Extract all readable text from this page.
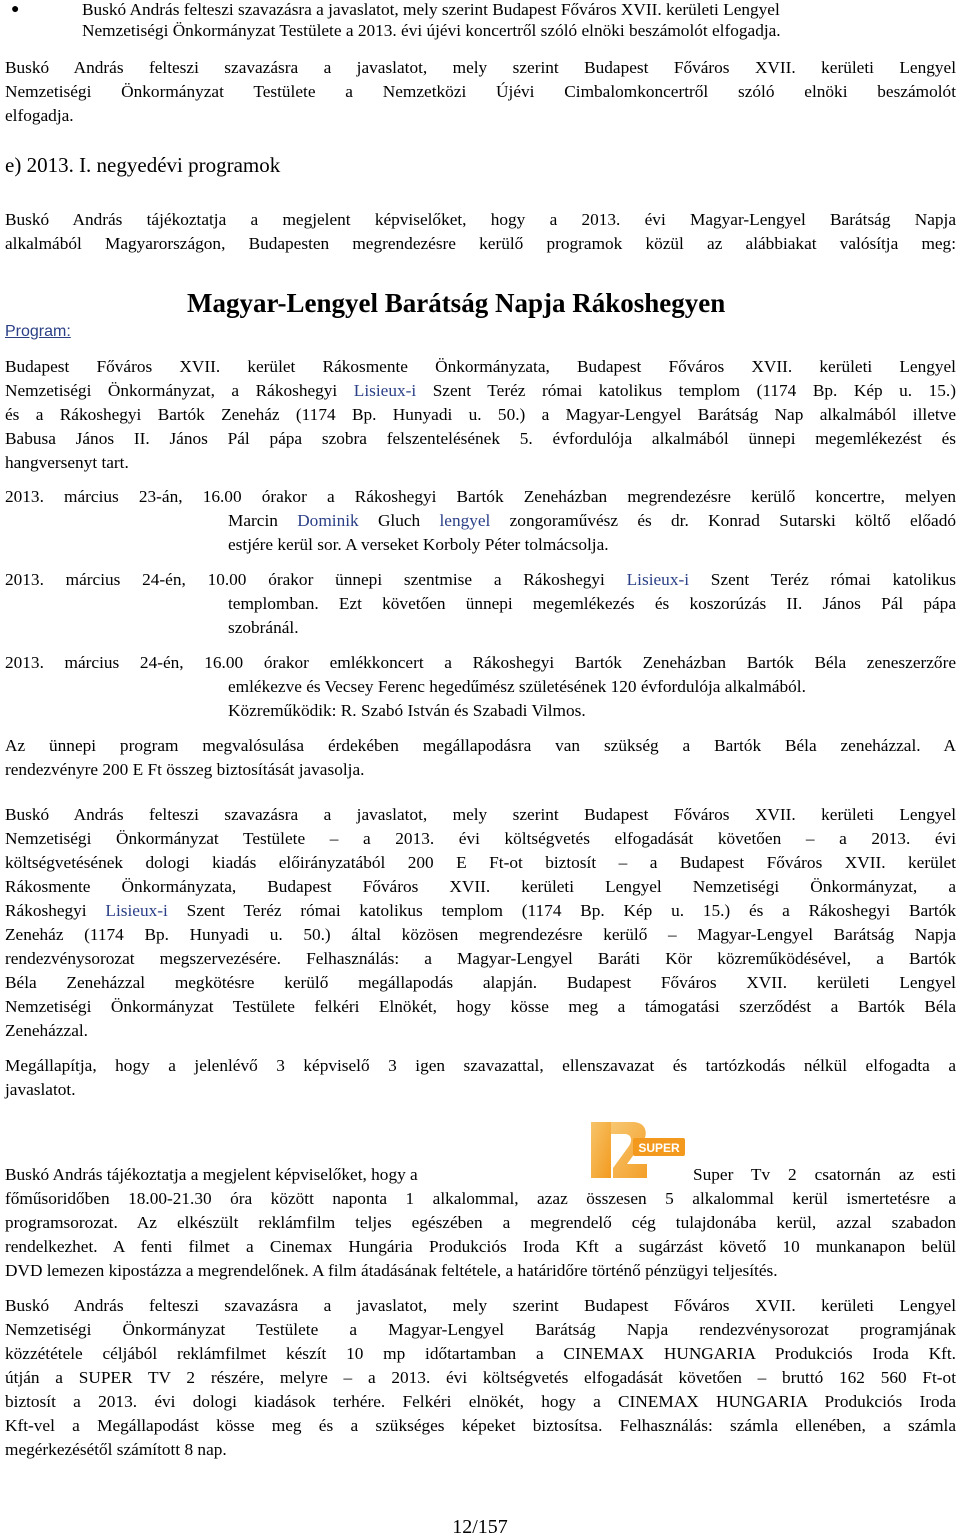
●	Buskó András felteszi szavazásra a javaslatot, mely szerint Budapest Főváros XVII. kerületi Lengyel
Nemzetiségi Önkormányzat Testülete a 2013. évi újévi koncertről szóló elnöki beszámolót elfogadja.
Buskó András felteszi szavazásra a javaslatot, mely szerint Budapest Főváros XVII. kerületi Lengyel
Nemzetiségi Önkormányzat Testülete a Nemzetközi Újévi Cimbalomkoncertről szóló elnöki beszámolót
elfogadja.
e) 2013. I. negyedévi programok
Buskó András tájékoztatja a megjelent képviselőket, hogy a 2013. évi Magyar-Lengyel Barátság Napja
alkalmából Magyarországon, Budapesten megrendezésre kerülő programok közül az alábbiakat valósítja meg:
Magyar-Lengyel Barátság Napja Rákoshegyen
Program:
Budapest Főváros XVII. kerület Rákosmente Önkormányzata, Budapest Főváros XVII. kerületi Lengyel
Nemzetiségi Önkormányzat, a Rákoshegyi Lisieux-i Szent Teréz római katolikus templom (1174 Bp. Kép u. 15.)
és a Rákoshegyi Bartók Zeneház (1174 Bp. Hunyadi u. 50.) a Magyar-Lengyel Barátság Nap alkalmából illetve
Babusa János II. János Pál pápa szobra felszentelésének 5. évfordulója alkalmából ünnepi megemlékezést és
hangversenyt tart.
2013. március 23-án, 16.00 órakor a Rákoshegyi Bartók Zeneházban megrendezésre kerülő koncertre, melyen
Marcin Dominik Gluch lengyel zongoraművész és dr. Konrad Sutarski költő előadó
estjére kerül sor. A verseket Korboly Péter tolmácsolja.
2013. március 24-én, 10.00 órakor ünnepi szentmise a Rákoshegyi Lisieux-i Szent Teréz római katolikus
templomban. Ezt követően ünnepi megemlékezés és koszorúzás II. János Pál pápa
szobránál.
2013. március 24-én, 16.00 órakor emlékkoncert a Rákoshegyi Bartók Zeneházban Bartók Béla zeneszerzőre
emlékezve és Vecsey Ferenc hegedűmész születésének 120 évfordulója alkalmából.
Közreműködik: R. Szabó István és Szabadi Vilmos.
Az ünnepi program megvalósulása érdekében megállapodásra van szükség a Bartók Béla zeneházzal. A
rendezvényre 200 E Ft összeg biztosítását javasolja.
Buskó András felteszi szavazásra a javaslatot, mely szerint Budapest Főváros XVII. kerületi Lengyel
Nemzetiségi Önkormányzat Testülete – a 2013. évi költségvetés elfogadását követően – a 2013. évi
költségvetésének dologi kiadás előirányzatából 200 E Ft-ot biztosít – a Budapest Főváros XVII. kerület
Rákosmente Önkormányzata, Budapest Főváros XVII. kerületi Lengyel Nemzetiségi Önkormányzat, a
Rákoshegyi Lisieux-i Szent Teréz római katolikus templom (1174 Bp. Kép u. 15.) és a Rákoshegyi Bartók
Zeneház (1174 Bp. Hunyadi u. 50.) által közösen megrendezésre kerülő – Magyar-Lengyel Barátság Napja
rendezvénysorozat megszervezésére. Felhasználás: a Magyar-Lengyel Baráti Kör közreműködésével, a Bartók
Béla Zeneházzal megkötésre kerülő megállapodás alapján. Budapest Főváros XVII. kerületi Lengyel
Nemzetiségi Önkormányzat Testülete felkéri Elnökét, hogy kösse meg a támogatási szerződést a Bartók Béla
Zeneházzal.
Megállapítja, hogy a jelenlévő 3 képviselő 3 igen szavazattal, ellenszavazat és tartózkodás nélkül elfogadta a
javaslatot.
SUPER
Buskó András tájékoztatja a megjelent képviselőket, hogy a	Super Tv 2 csatornán az esti
főműsoridőben 18.00-21.30 óra között naponta 1 alkalommal, azaz összesen 5 alkalommal kerül ismertetésre a
programsorozat. Az elkészült reklámfilm teljes egészében a megrendelő cég tulajdonába kerül, azzal szabadon
rendelkezhet. A fenti filmet a Cinemax Hungária Produkciós Iroda Kft a sugárzást követő 10 munkanapon belül
DVD lemezen kipostázza a megrendelőnek. A film átadásának feltétele, a határidőre történő pénzügyi teljesítés.
Buskó András felteszi szavazásra a javaslatot, mely szerint Budapest Főváros XVII. kerületi Lengyel
Nemzetiségi Önkormányzat Testülete a Magyar-Lengyel Barátság Napja rendezvénysorozat programjának
közzététele céljából reklámfilmet készít 10 mp időtartamban a CINEMAX HUNGARIA Produkciós Iroda Kft.
útján a SUPER TV 2 részére, melyre – a 2013. évi költségvetés elfogadását követően – bruttó 162 560 Ft-ot
biztosít a 2013. évi dologi kiadások terhére. Felkéri elnökét, hogy a CINEMAX HUNGARIA Produkciós Iroda
Kft-vel a Megállapodást kösse meg és a szükséges képeket biztosítsa. Felhasználás: számla ellenében, a számla
megérkezésétől számított 8 nap.
12/157
